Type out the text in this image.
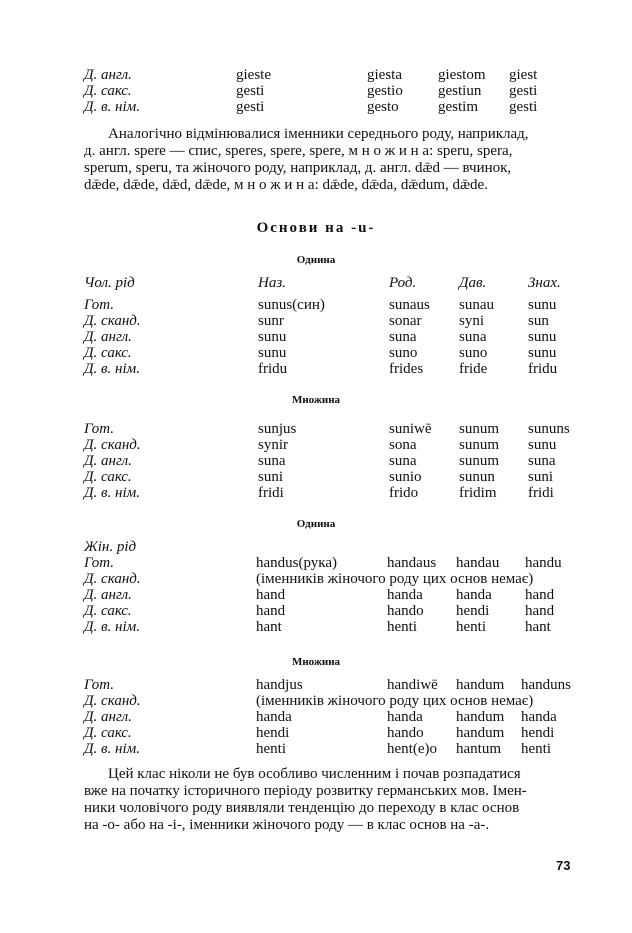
Д. англ.	gieste	giesta giestom giest
Д. сакс.	gesti	gestio gestiun gesti
Д. в. нім.	gesti	gesto	gestim gesti
Аналогічно відмінювалися іменники середнього роду, наприклад,
д. англ. spere — спис, speres, spere, spere, м н о ж и н а: speru, spera,
sperum, speru, та жіночого роду, наприклад, д. англ. dǣd — вчинок,
dǣde, dǣde, dǣd, dǣde, м н о ж и н а: dǣde, dǣda, dǣdum, dǣde.
Основи на -u-
Однина
Чол. рід	Наз.	Род.	Дав.	Знах.
Гот.	sunus(син)	sunaus sunau sunu
Д. сканд.	sunr	sonar	syni	sun
Д. англ.	sunu	suna	suna	sunu
Д. сакс.	sunu	suno	suno	sunu
Д. в. нім.	fridu	frides fride	fridu
Множина
Гот.	sunjus	suniwē sunum sununs
Д. сканд.	synir	sona	sunum sunu
Д. англ.	suna	suna	sunum suna
Д. сакс.	suni	sunio sunun suni
Д. в. нім.	fridi	frido	fridim fridi
Однина
Жін. рід
Гот.	handus(рука)	handaus handau handu
Д. сканд.	(іменників жіночого роду цих основ немає)
Д. англ.	hand	handa handa hand
Д. сакс.	hand	hando hendi hand
Д. в. нім.	hant	henti	henti	hant
Множина
Гот.	handjus	handiwē handum handuns
Д. сканд.	(іменників жіночого роду цих основ немає)
Д. англ.	handa	handa handum handa
Д. сакс.	hendi	hando handum hendi
Д. в. нім.	henti	hent(e)o hantum henti
Цей клас ніколи не був особливо численним і почав розпадатися
вже на початку історичного періоду розвитку германських мов. Імен-
ники чоловічого роду виявляли тенденцію до переходу в клас основ
на -о- або на -і-, іменники жіночого роду — в клас основ на -а-.
73
